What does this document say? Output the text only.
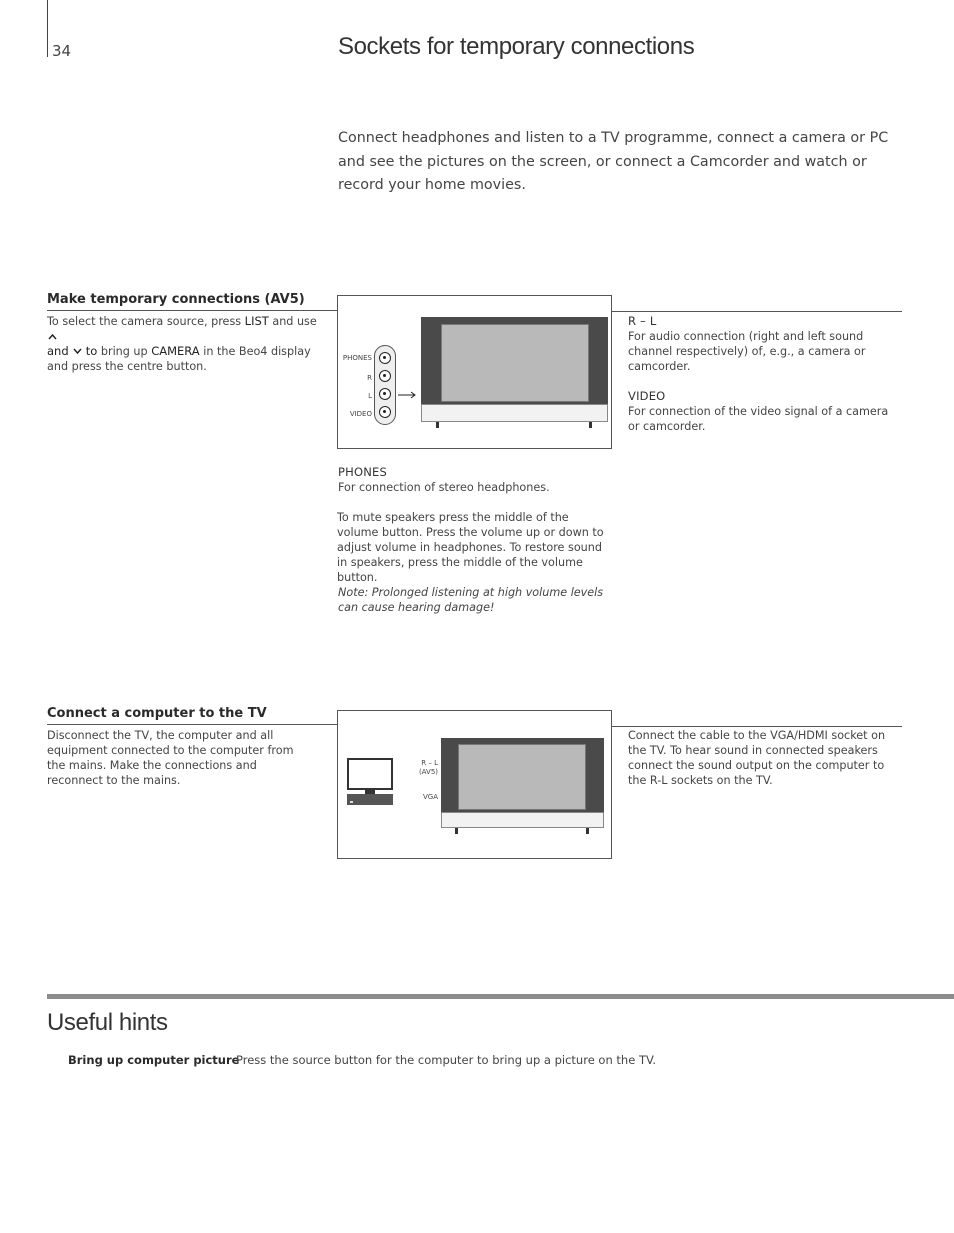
34	Sockets for temporary connections
Connect headphones and listen to a TV programme, connect a camera or PC and see the pictures on the screen, or connect a Camcorder and watch or record your home movies.
Make temporary connections (AV5)
To select the camera source, press LIST and use
and to bring up CAMERA in the Beo4 display and press the centre button.
PHONES
R
L
VIDEO
R – L
For audio connection (right and left sound channel respectively) of, e.g., a camera or camcorder.
VIDEO
For connection of the video signal of a camera or camcorder.
PHONES
For connection of stereo headphones.
To mute speakers press the middle of the volume button. Press the volume up or down to adjust volume in headphones. To restore sound in speakers, press the middle of the volume button.
Note: Prolonged listening at high volume levels can cause hearing damage!
Connect a computer to the TV
Disconnect the TV, the computer and all equipment connected to the computer from the mains. Make the connections and reconnect to the mains.
R – L
(AV5)
VGA
Connect the cable to the VGA/HDMI socket on the TV. To hear sound in connected speakers connect the sound output on the computer to the R-L sockets on the TV.
Useful hints
Bring up computer picture
Press the source button for the computer to bring up a picture on the TV.
